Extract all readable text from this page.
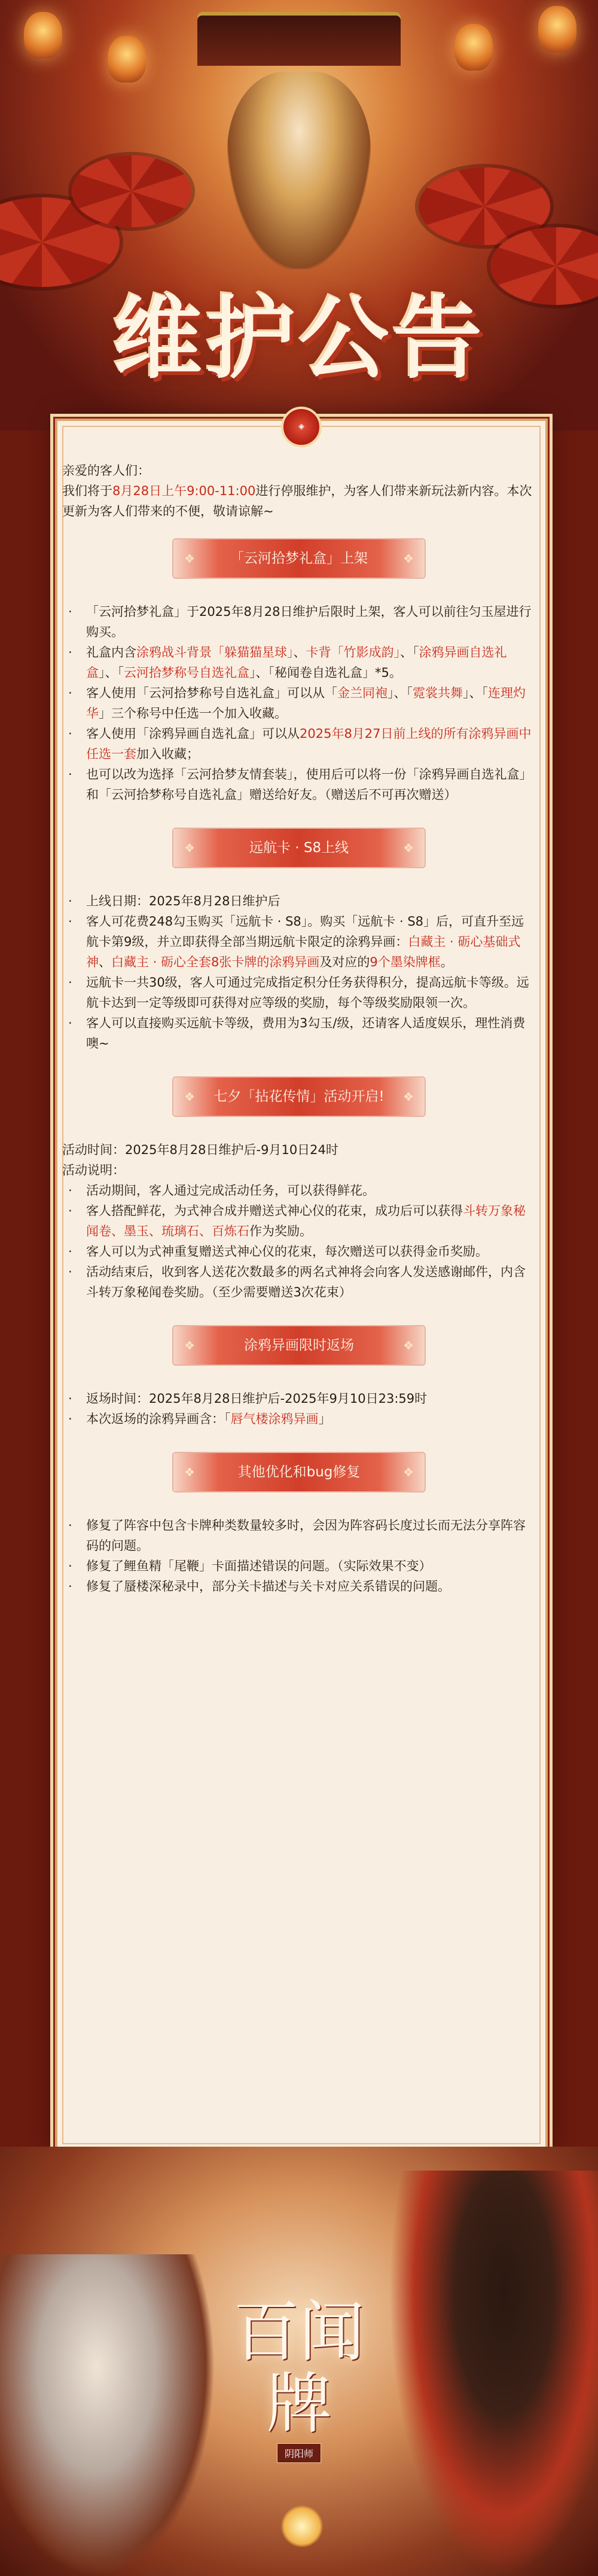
维护公告
◈

亲爱的客人们：

我们将于8月28日上午9:00-11:00进行停服维护，为客人们带来新玩法新内容。本次更新为客人们带来的不便，敬请谅解~

❖ 「云河拾梦礼盒」上架 ❖

· 「云河拾梦礼盒」于2025年8月28日维护后限时上架，客人可以前往匀玉屋进行购买。

· 礼盒内含涂鸦战斗背景「躲猫猫星球」、卡背「竹影成韵」、「涂鸦异画自选礼盒」、「云河拾梦称号自选礼盒」、「秘闻卷自选礼盒」*5。

· 客人使用「云河拾梦称号自选礼盒」可以从「金兰同袍」、「霓裳共舞」、「连理灼华」三个称号中任选一个加入收藏。

· 客人使用「涂鸦异画自选礼盒」可以从2025年8月27日前上线的所有涂鸦异画中任选一套加入收藏；

· 也可以改为选择「云河拾梦友情套装」，使用后可以将一份「涂鸦异画自选礼盒」和「云河拾梦称号自选礼盒」赠送给好友。（赠送后不可再次赠送）

❖ 远航卡 · S8上线 ❖

· 上线日期：2025年8月28日维护后

· 客人可花费248勾玉购买「远航卡 · S8」。购买「远航卡 · S8」后，可直升至远航卡第9级，并立即获得全部当期远航卡限定的涂鸦异画：白藏主 · 砺心基础式神、白藏主 · 砺心全套8张卡牌的涂鸦异画及对应的9个墨染牌框。

· 远航卡一共30级，客人可通过完成指定积分任务获得积分，提高远航卡等级。远航卡达到一定等级即可获得对应等级的奖励，每个等级奖励限领一次。

· 客人可以直接购买远航卡等级，费用为3勾玉/级，还请客人适度娱乐，理性消费噢~

❖ 七夕「拈花传情」活动开启! ❖

活动时间：2025年8月28日维护后-9月10日24时

活动说明：

· 活动期间，客人通过完成活动任务，可以获得鲜花。

· 客人搭配鲜花，为式神合成并赠送式神心仪的花束，成功后可以获得斗转万象秘闻卷、墨玉、琉璃石、百炼石作为奖励。

· 客人可以为式神重复赠送式神心仪的花束，每次赠送可以获得金币奖励。

· 活动结束后，收到客人送花次数最多的两名式神将会向客人发送感谢邮件，内含斗转万象秘闻卷奖励。（至少需要赠送3次花束）

❖ 涂鸦异画限时返场 ❖

· 返场时间：2025年8月28日维护后-2025年9月10日23:59时

· 本次返场的涂鸦异画含：「唇气楼涂鸦异画」

❖ 其他优化和bug修复 ❖

· 修复了阵容中包含卡牌种类数量较多时，会因为阵容码长度过长而无法分享阵容码的问题。

· 修复了鲤鱼精「尾鞭」卡面描述错误的问题。（实际效果不变）

· 修复了蜃楼深秘录中，部分关卡描述与关卡对应关系错误的问题。

百闻牌
阴阳师
